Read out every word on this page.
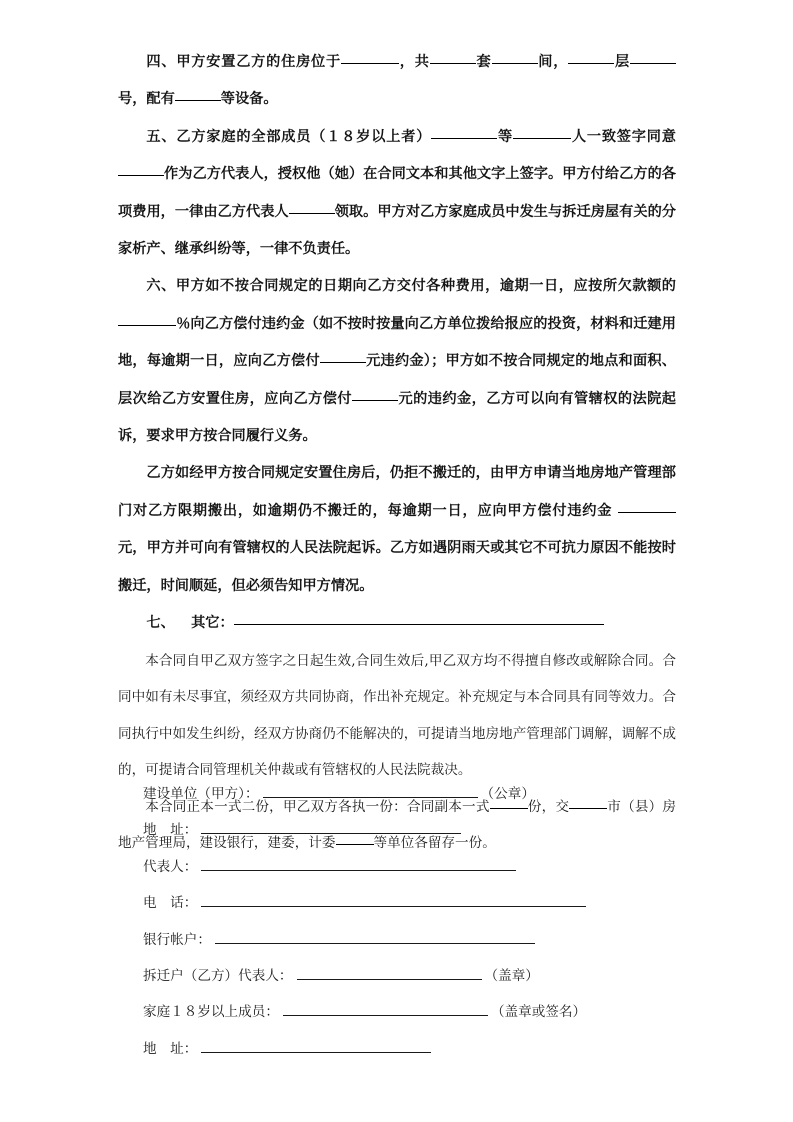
四、甲方安置乙方的住房位于	，共	套	间，	层号，配有	等设备。

五、乙方家庭的全部成员（１８岁以上者）	等	人一致签字同意作为乙方代表人，授权他（她）在合同文本和其他文字上签字。甲方付给乙方的各项费用，一律由乙方代表人	领取。甲方对乙方家庭成员中发生与拆迁房屋有关的分家析产、继承纠纷等，一律不负责任。

六、甲方如不按合同规定的日期向乙方交付各种费用，逾期一日，应按所欠款额的％向乙方偿付违约金（如不按时按量向乙方单位拨给报应的投资，材料和迁建用地，每逾期一日，应向乙方偿付	元违约金）；甲方如不按合同规定的地点和面积、层次给乙方安置住房，应向乙方偿付	元的违约金，乙方可以向有管辖权的法院起诉，要求甲方按合同履行义务。

乙方如经甲方按合同规定安置住房后，仍拒不搬迁的，由甲方申请当地房地产管理部门对乙方限期搬出，如逾期仍不搬迁的，每逾期一日，应向甲方偿付违约金 元，甲方并可向有管辖权的人民法院起诉。乙方如遇阴雨天或其它不可抗力原因不能按时搬迁，时间顺延，但必须告知甲方情况。

七、 其它：

本合同自甲乙双方签字之日起生效,合同生效后,甲乙双方均不得擅自修改或解除合同。合同中如有未尽事宜，须经双方共同协商，作出补充规定。补充规定与本合同具有同等效力。合同执行中如发生纠纷，经双方协商仍不能解决的，可提请当地房地产管理部门调解，调解不成的，可提请合同管理机关仲裁或有管辖权的人民法院裁决。

本合同正本一式二份，甲乙双方各执一份：合同副本一式	份，交	市（县）房地产管理局，建设银行，建委，计委	等单位各留存一份。

建设单位（甲方）：	（公章）
地　址：
代表人：
电　话：
银行帐户：
拆迁户（乙方）代表人：	（盖章）
家庭１８岁以上成员：	（盖章或签名）
地　址：
